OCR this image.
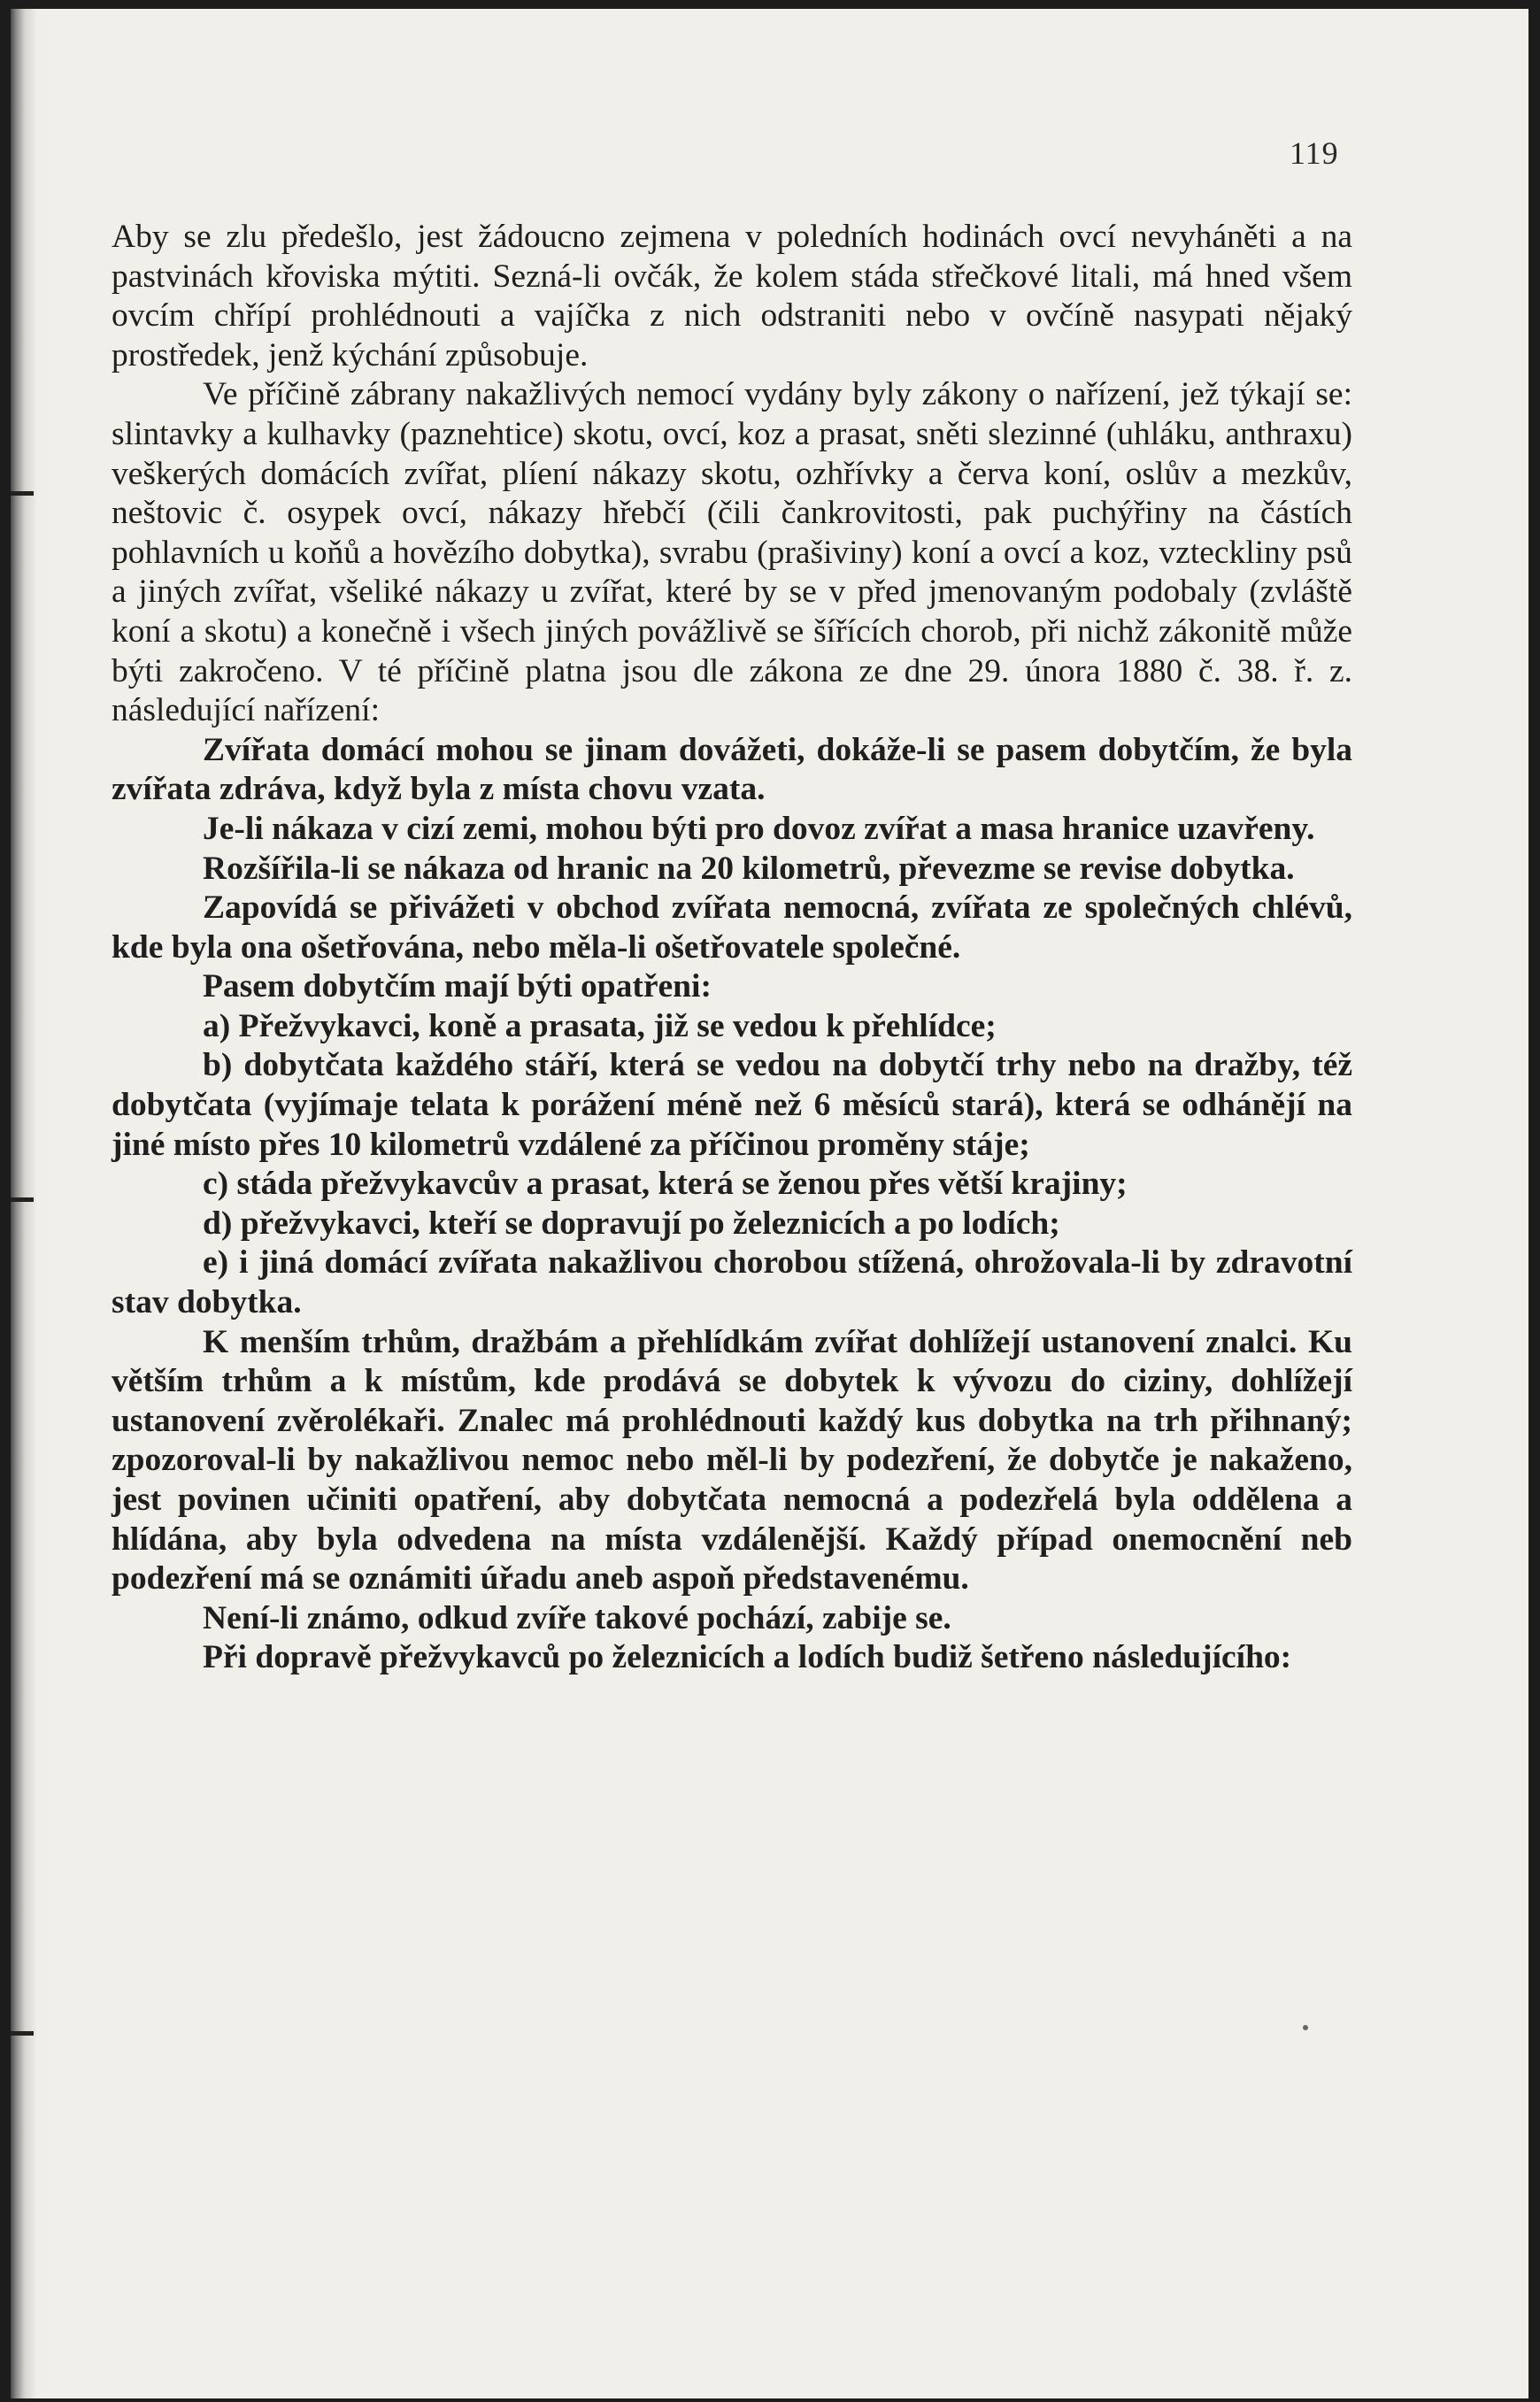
119

Aby se zlu předešlo, jest žádoucno zejmena v poledních hodinách ovcí nevyháněti a na pastvinách křoviska mýtiti. Sezná-li ovčák, že kolem stáda střečkové litali, má hned všem ovcím chřípí prohlédnouti a vajíčka z nich odstraniti nebo v ovčíně nasypati nějaký prostředek, jenž kýchání způsobuje.

Ve příčině zábrany nakažlivých nemocí vydány byly zákony o nařízení, jež týkají se: slintavky a kulhavky (paznehtice) skotu, ovcí, koz a prasat, sněti slezinné (uhláku, anthraxu) veškerých domácích zvířat, plíení nákazy skotu, ozhřívky a červa koní, oslův a mezkův, neštovic č. osypek ovcí, nákazy hřebčí (čili čankrovitosti, pak puchýřiny na částích pohlavních u koňů a hovězího dobytka), svrabu (prašiviny) koní a ovcí a koz, vzteckliny psů a jiných zvířat, všeliké nákazy u zvířat, které by se v před jmenovaným podobaly (zvláště koní a skotu) a konečně i všech jiných povážlivě se šířících chorob, při nichž zákonitě může býti zakročeno. V té příčině platna jsou dle zákona ze dne 29. února 1880 č. 38. ř. z. následující nařízení:

Zvířata domácí mohou se jinam dovážeti, dokáže-li se pasem dobytčím, že byla zvířata zdráva, když byla z místa chovu vzata.

Je-li nákaza v cizí zemi, mohou býti pro dovoz zvířat a masa hranice uzavřeny.

Rozšířila-li se nákaza od hranic na 20 kilometrů, převezme se revise dobytka.

Zapovídá se přivážeti v obchod zvířata nemocná, zvířata ze společných chlévů, kde byla ona ošetřována, nebo měla-li ošetřovatele společné.

Pasem dobytčím mají býti opatřeni:

a) Přežvykavci, koně a prasata, již se vedou k přehlídce;

b) dobytčata každého stáří, která se vedou na dobytčí trhy nebo na dražby, též dobytčata (vyjímaje telata k porážení méně než 6 měsíců stará), která se odhánějí na jiné místo přes 10 kilometrů vzdálené za příčinou proměny stáje;

c) stáda přežvykavcův a prasat, která se ženou přes větší krajiny;

d) přežvykavci, kteří se dopravují po železnicích a po lodích;

e) i jiná domácí zvířata nakažlivou chorobou stížená, ohrožovala-li by zdravotní stav dobytka.

K menším trhům, dražbám a přehlídkám zvířat dohlížejí ustanovení znalci. Ku větším trhům a k místům, kde prodává se dobytek k vývozu do ciziny, dohlížejí ustanovení zvěrolékaři. Znalec má prohlédnouti každý kus dobytka na trh přihnaný; zpozoroval-li by nakažlivou nemoc nebo měl-li by podezření, že dobytče je nakaženo, jest povinen učiniti opatření, aby dobytčata nemocná a podezřelá byla oddělena a hlídána, aby byla odvedena na místa vzdálenější. Každý případ onemocnění neb podezření má se oznámiti úřadu aneb aspoň představenému.

Není-li známo, odkud zvíře takové pochází, zabije se.

Při dopravě přežvykavců po železnicích a lodích budiž šetřeno následujícího:
